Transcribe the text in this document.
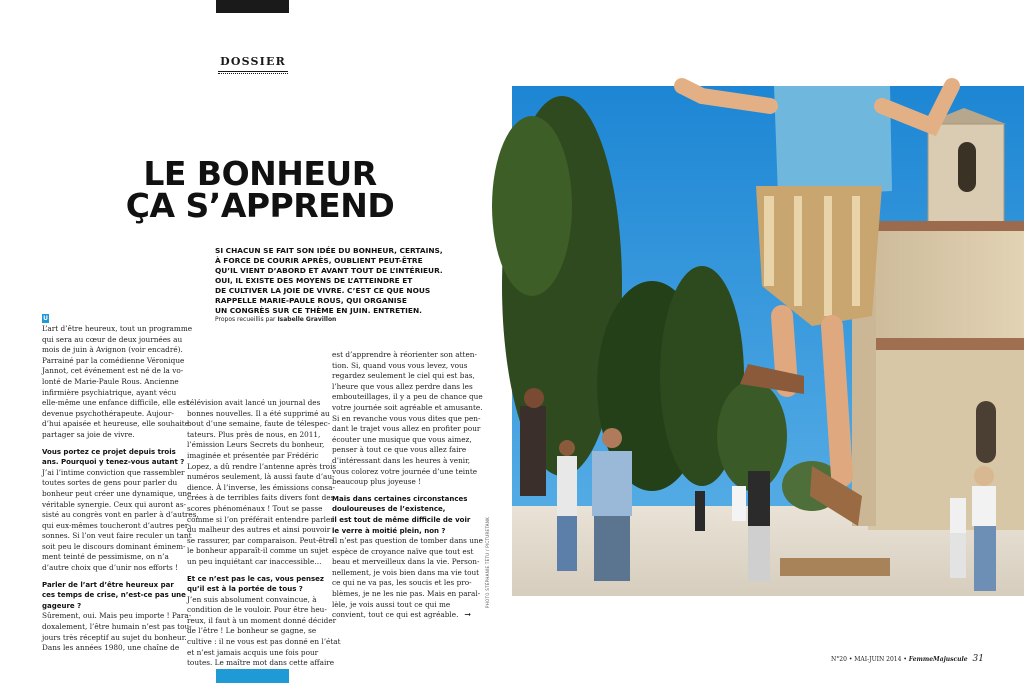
DOSSIER
LE BONHEUR
ÇA S’APPREND
SI CHACUN SE FAIT SON IDÉE DU BONHEUR, CERTAINS,
À FORCE DE COURIR APRÈS, OUBLIENT PEUT-ÊTRE
QU’IL VIENT D’ABORD ET AVANT TOUT DE L’INTÉRIEUR.
OUI, IL EXISTE DES MOYENS DE L’ATTEINDRE ET
DE CULTIVER LA JOIE DE VIVRE. C’EST CE QUE NOUS
RAPPELLE MARIE-PAULE ROUS, QUI ORGANISE
UN CONGRÈS SUR CE THÈME EN JUIN. ENTRETIEN.
Propos recueillis par Isabelle Gravillon
U
L’art d’être heureux, tout un programme
qui sera au cœur de deux journées au
mois de juin à Avignon (voir encadré).
Parrainé par la comédienne Véronique
Jannot, cet événement est né de la vo-
lonté de Marie-Paule Rous. Ancienne
infirmière psychiatrique, ayant vécu
elle-même une enfance difficile, elle est
devenue psychothérapeute. Aujour-
d’hui apaisée et heureuse, elle souhaite
partager sa joie de vivre.
Vous portez ce projet depuis trois
ans. Pourquoi y tenez-vous autant ?
J’ai l’intime conviction que rassembler
toutes sortes de gens pour parler du
bonheur peut créer une dynamique, une
véritable synergie. Ceux qui auront as-
sisté au congrès vont en parler à d’autres,
qui eux-mêmes toucheront d’autres per-
sonnes. Si l’on veut faire reculer un tant
soit peu le discours dominant éminem-
ment teinté de pessimisme, on n’a
d’autre choix que d’unir nos efforts !
Parler de l’art d’être heureux par
ces temps de crise, n’est-ce pas une
gageure ?
Sûrement, oui. Mais peu importe ! Para-
doxalement, l’être humain n’est pas tou-
jours très réceptif au sujet du bonheur.
Dans les années 1980, une chaîne de
télévision avait lancé un journal des
bonnes nouvelles. Il a été supprimé au
bout d’une semaine, faute de télespec-
tateurs. Plus près de nous, en 2011,
l’émission Leurs Secrets du bonheur,
imaginée et présentée par Frédéric
Lopez, a dû rendre l’antenne après trois
numéros seulement, là aussi faute d’au-
dience. À l’inverse, les émissions consa-
crées à de terribles faits divers font des
scores phénoménaux ! Tout se passe
comme si l’on préférait entendre parler
du malheur des autres et ainsi pouvoir
se rassurer, par comparaison. Peut-être
le bonheur apparaît-il comme un sujet
un peu inquiétant car inaccessible…
Et ce n’est pas le cas, vous pensez
qu’il est à la portée de tous ?
J’en suis absolument convaincue, à
condition de le vouloir. Pour être heu-
reux, il faut à un moment donné décider
de l’être ! Le bonheur se gagne, se
cultive : il ne vous est pas donné en l’état
et n’est jamais acquis une fois pour
toutes. Le maître mot dans cette affaire
est d’apprendre à réorienter son atten-
tion. Si, quand vous vous levez, vous
regardez seulement le ciel qui est bas,
l’heure que vous allez perdre dans les
embouteillages, il y a peu de chance que
votre journée soit agréable et amusante.
Si en revanche vous vous dites que pen-
dant le trajet vous allez en profiter pour
écouter une musique que vous aimez,
penser à tout ce que vous allez faire
d’intéressant dans les heures à venir,
vous colorez votre journée d’une teinte
beaucoup plus joyeuse !
Mais dans certaines circonstances
douloureuses de l’existence,
il est tout de même difficile de voir
le verre à moitié plein, non ?
Il n’est pas question de tomber dans une
espèce de croyance naïve que tout est
beau et merveilleux dans la vie. Person-
nellement, je vois bien dans ma vie tout
ce qui ne va pas, les soucis et les pro-
blèmes, je ne les nie pas. Mais en paral-
lèle, je vois aussi tout ce qui me
convient, tout ce qui est agréable. ➞
PHOTO STÉPHANIE TÉTU / PICTURETANK
N°20 • MAI-JUIN 2014 • FemmeMajuscule 31
